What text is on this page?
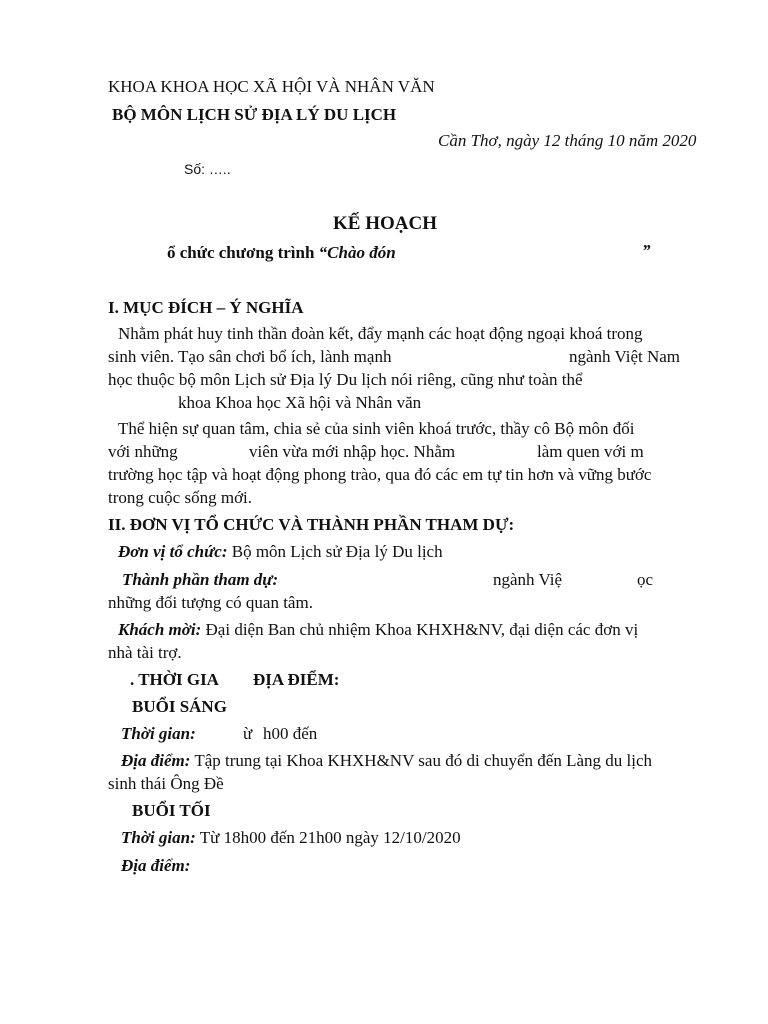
KHOA KHOA HỌC XÃ HỘI VÀ NHÂN VĂN
BỘ MÔN LỊCH SỬ ĐỊA LÝ DU LỊCH
Cần Thơ, ngày 12 tháng 10 năm 2020
Số: …..
KẾ HOẠCH
ổ chức chương trình “Chào đón	”
I. MỤC ĐÍCH – Ý NGHĨA
Nhằm phát huy tinh thần đoàn kết, đẩy mạnh các hoạt động ngoại khoá trong
sinh viên. Tạo sân chơi bổ ích, lành mạnh	ngành Việt Nam
học thuộc bộ môn Lịch sử Địa lý Du lịch nói riêng, cũng như toàn thể
khoa Khoa học Xã hội và Nhân văn
Thể hiện sự quan tâm, chia sẻ của sinh viên khoá trước, thầy cô Bộ môn đối
với những	viên vừa mới nhập học. Nhằm	làm quen với m
trường học tập và hoạt động phong trào, qua đó các em tự tin hơn và vững bước
trong cuộc sống mới.
II. ĐƠN VỊ TỔ CHỨC VÀ THÀNH PHẦN THAM DỰ:
Đơn vị tổ chức: Bộ môn Lịch sử Địa lý Du lịch
Thành phần tham dự:	ngành Việ	ọc
những đối tượng có quan tâm.
Khách mời: Đại diện Ban chủ nhiệm Khoa KHXH&NV, đại diện các đơn vị
nhà tài trợ.
. THỜI GIA ĐỊA ĐIỂM:
BUỔI SÁNG
Thời gian:	ừ h00 đến
Địa điểm: Tập trung tại Khoa KHXH&NV sau đó di chuyển đến Làng du lịch
sinh thái Ông Đề
BUỔI TỐI
Thời gian: Từ 18h00 đến 21h00 ngày 12/10/2020
Địa điểm:
